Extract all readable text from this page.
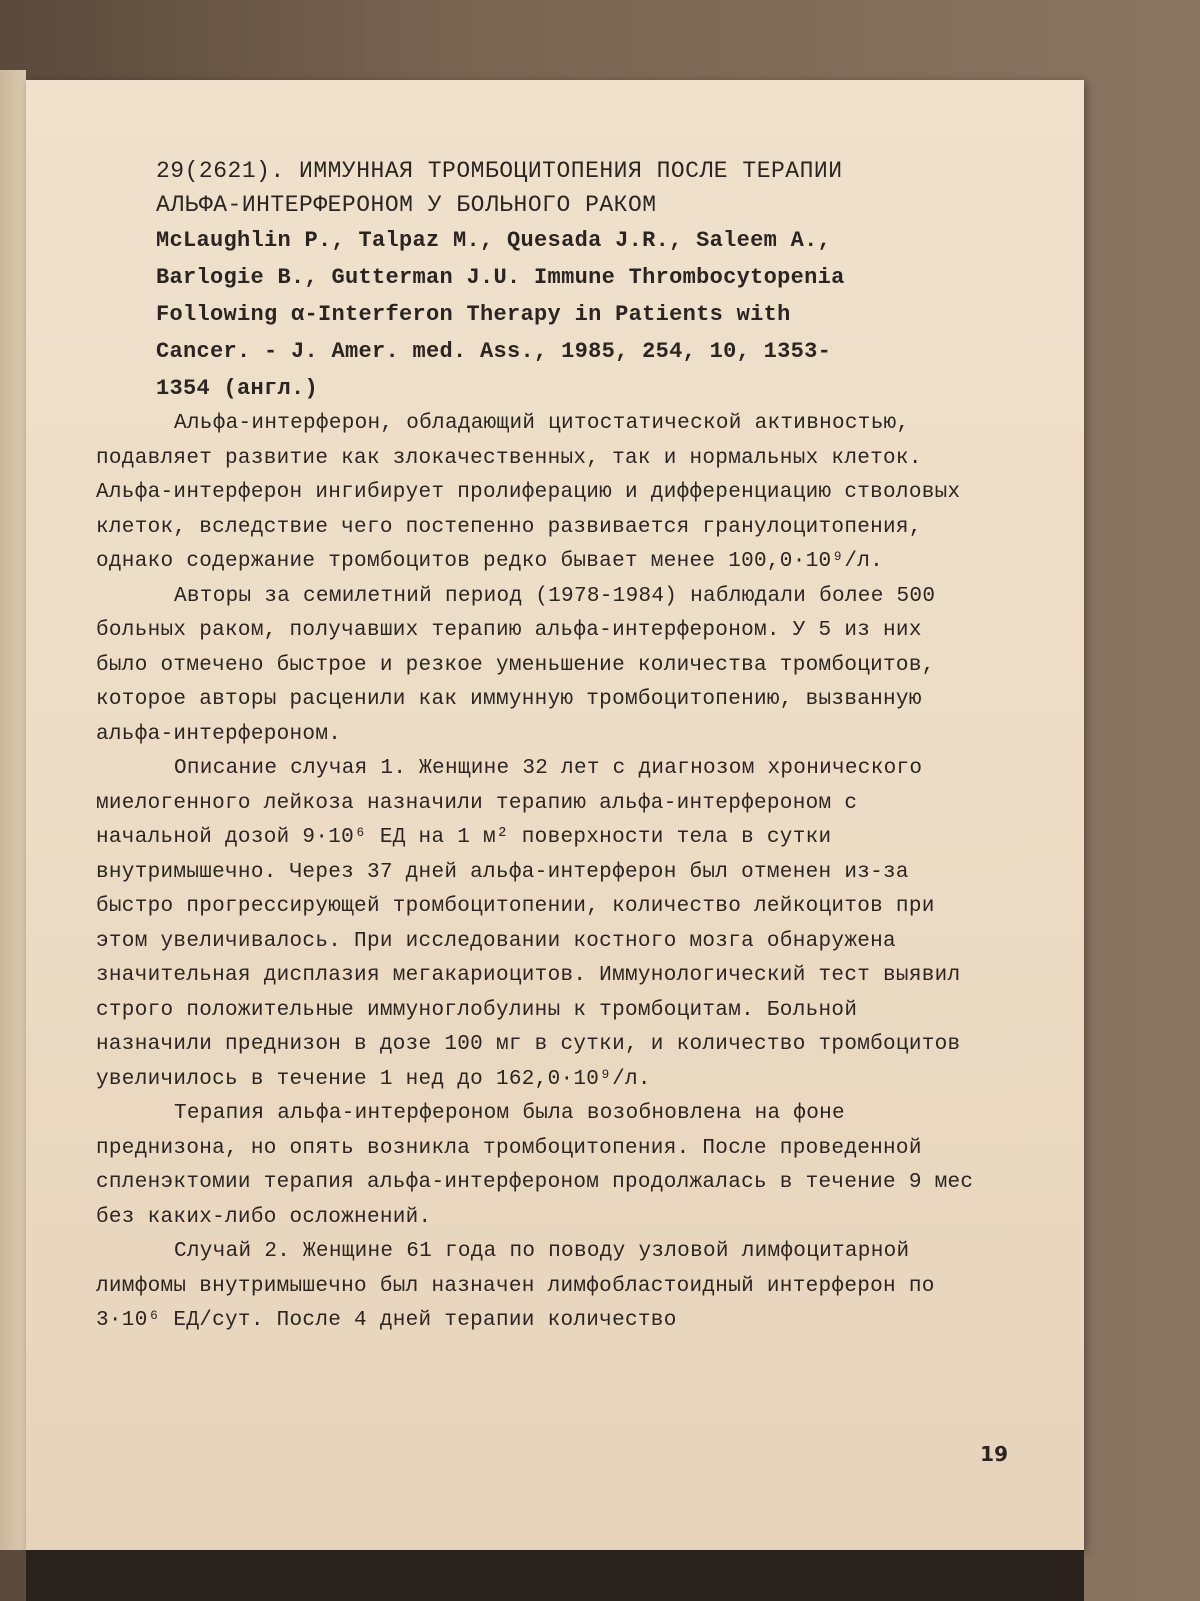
29(2621). ИММУННАЯ ТРОМБОЦИТОПЕНИЯ ПОСЛЕ ТЕРАПИИ
АЛЬФА-ИНТЕРФЕРОНОМ У БОЛЬНОГО РАКОМ
McLaughlin P., Talpaz M., Quesada J.R., Saleem A.,
Barlogie B., Gutterman J.U. Immune Thrombocytopenia
Following α-Interferon Therapy in Patients with
Cancer. - J. Amer. med. Ass., 1985, 254, 10, 1353-
1354 (англ.)

Альфа-интерферон, обладающий цитостатической активностью, подавляет развитие как злокачественных, так и нормальных клеток. Альфа-интерферон ингибирует пролиферацию и дифференциацию стволовых клеток, вследствие чего постепенно развивается гранулоцитопения, однако содержание тромбоцитов редко бывает менее 100,0·10⁹/л.

Авторы за семилетний период (1978-1984) наблюдали более 500 больных раком, получавших терапию альфа-интерфероном. У 5 из них было отмечено быстрое и резкое уменьшение количества тромбоцитов, которое авторы расценили как иммунную тромбоцитопению, вызванную альфа-интерфероном.

Описание случая 1. Женщине 32 лет с диагнозом хронического миелогенного лейкоза назначили терапию альфа-интерфероном с начальной дозой 9·10⁶ ЕД на 1 м² поверхности тела в сутки внутримышечно. Через 37 дней альфа-интерферон был отменен из-за быстро прогрессирующей тромбоцитопении, количество лейкоцитов при этом увеличивалось. При исследовании костного мозга обнаружена значительная дисплазия мегакариоцитов. Иммунологический тест выявил строго положительные иммуноглобулины к тромбоцитам. Больной назначили преднизон в дозе 100 мг в сутки, и количество тромбоцитов увеличилось в течение 1 нед до 162,0·10⁹/л.

Терапия альфа-интерфероном была возобновлена на фоне преднизона, но опять возникла тромбоцитопения. После проведенной спленэктомии терапия альфа-интерфероном продолжалась в течение 9 мес без каких-либо осложнений.

Случай 2. Женщине 61 года по поводу узловой лимфоцитарной лимфомы внутримышечно был назначен лимфобластоидный интерферон по 3·10⁶ ЕД/сут. После 4 дней терапии количество

19
